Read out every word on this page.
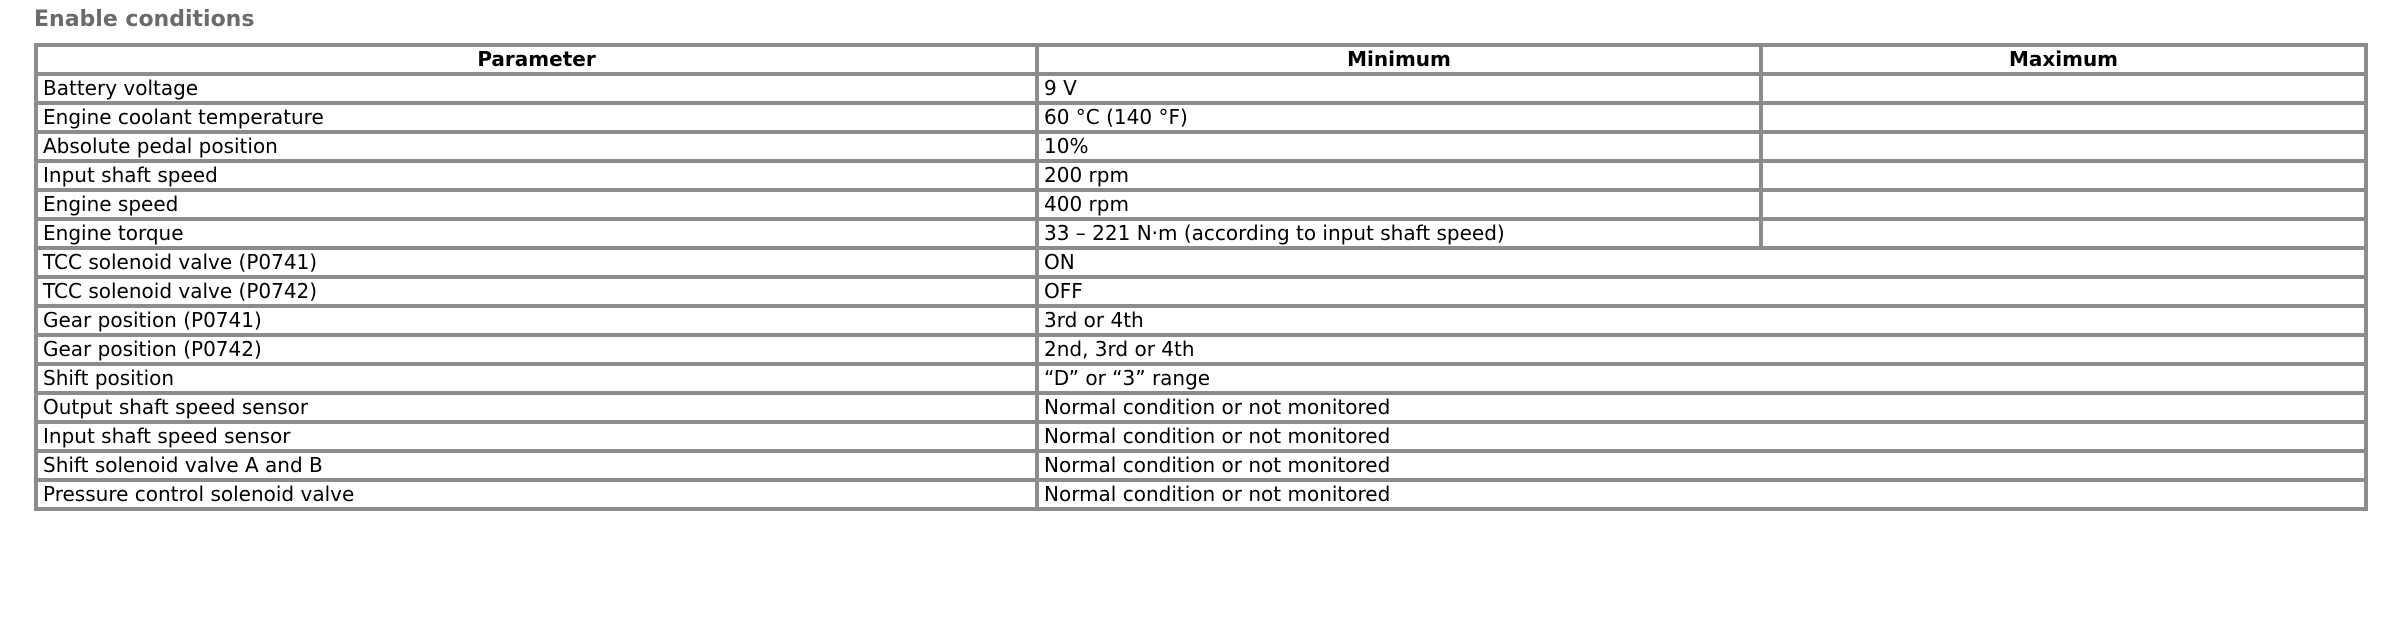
Enable conditions
Parameter	Minimum	Maximum
Battery voltage	9 V	
Engine coolant temperature	60 °C (140 °F)	
Absolute pedal position	10%	
Input shaft speed	200 rpm	
Engine speed	400 rpm	
Engine torque	33 – 221 N·m (according to input shaft speed)	
TCC solenoid valve (P0741)	ON	
TCC solenoid valve (P0742)	OFF	
Gear position (P0741)	3rd or 4th	
Gear position (P0742)	2nd, 3rd or 4th	
Shift position	“D” or “3” range	
Output shaft speed sensor	Normal condition or not monitored	
Input shaft speed sensor	Normal condition or not monitored	
Shift solenoid valve A and B	Normal condition or not monitored	
Pressure control solenoid valve	Normal condition or not monitored	
